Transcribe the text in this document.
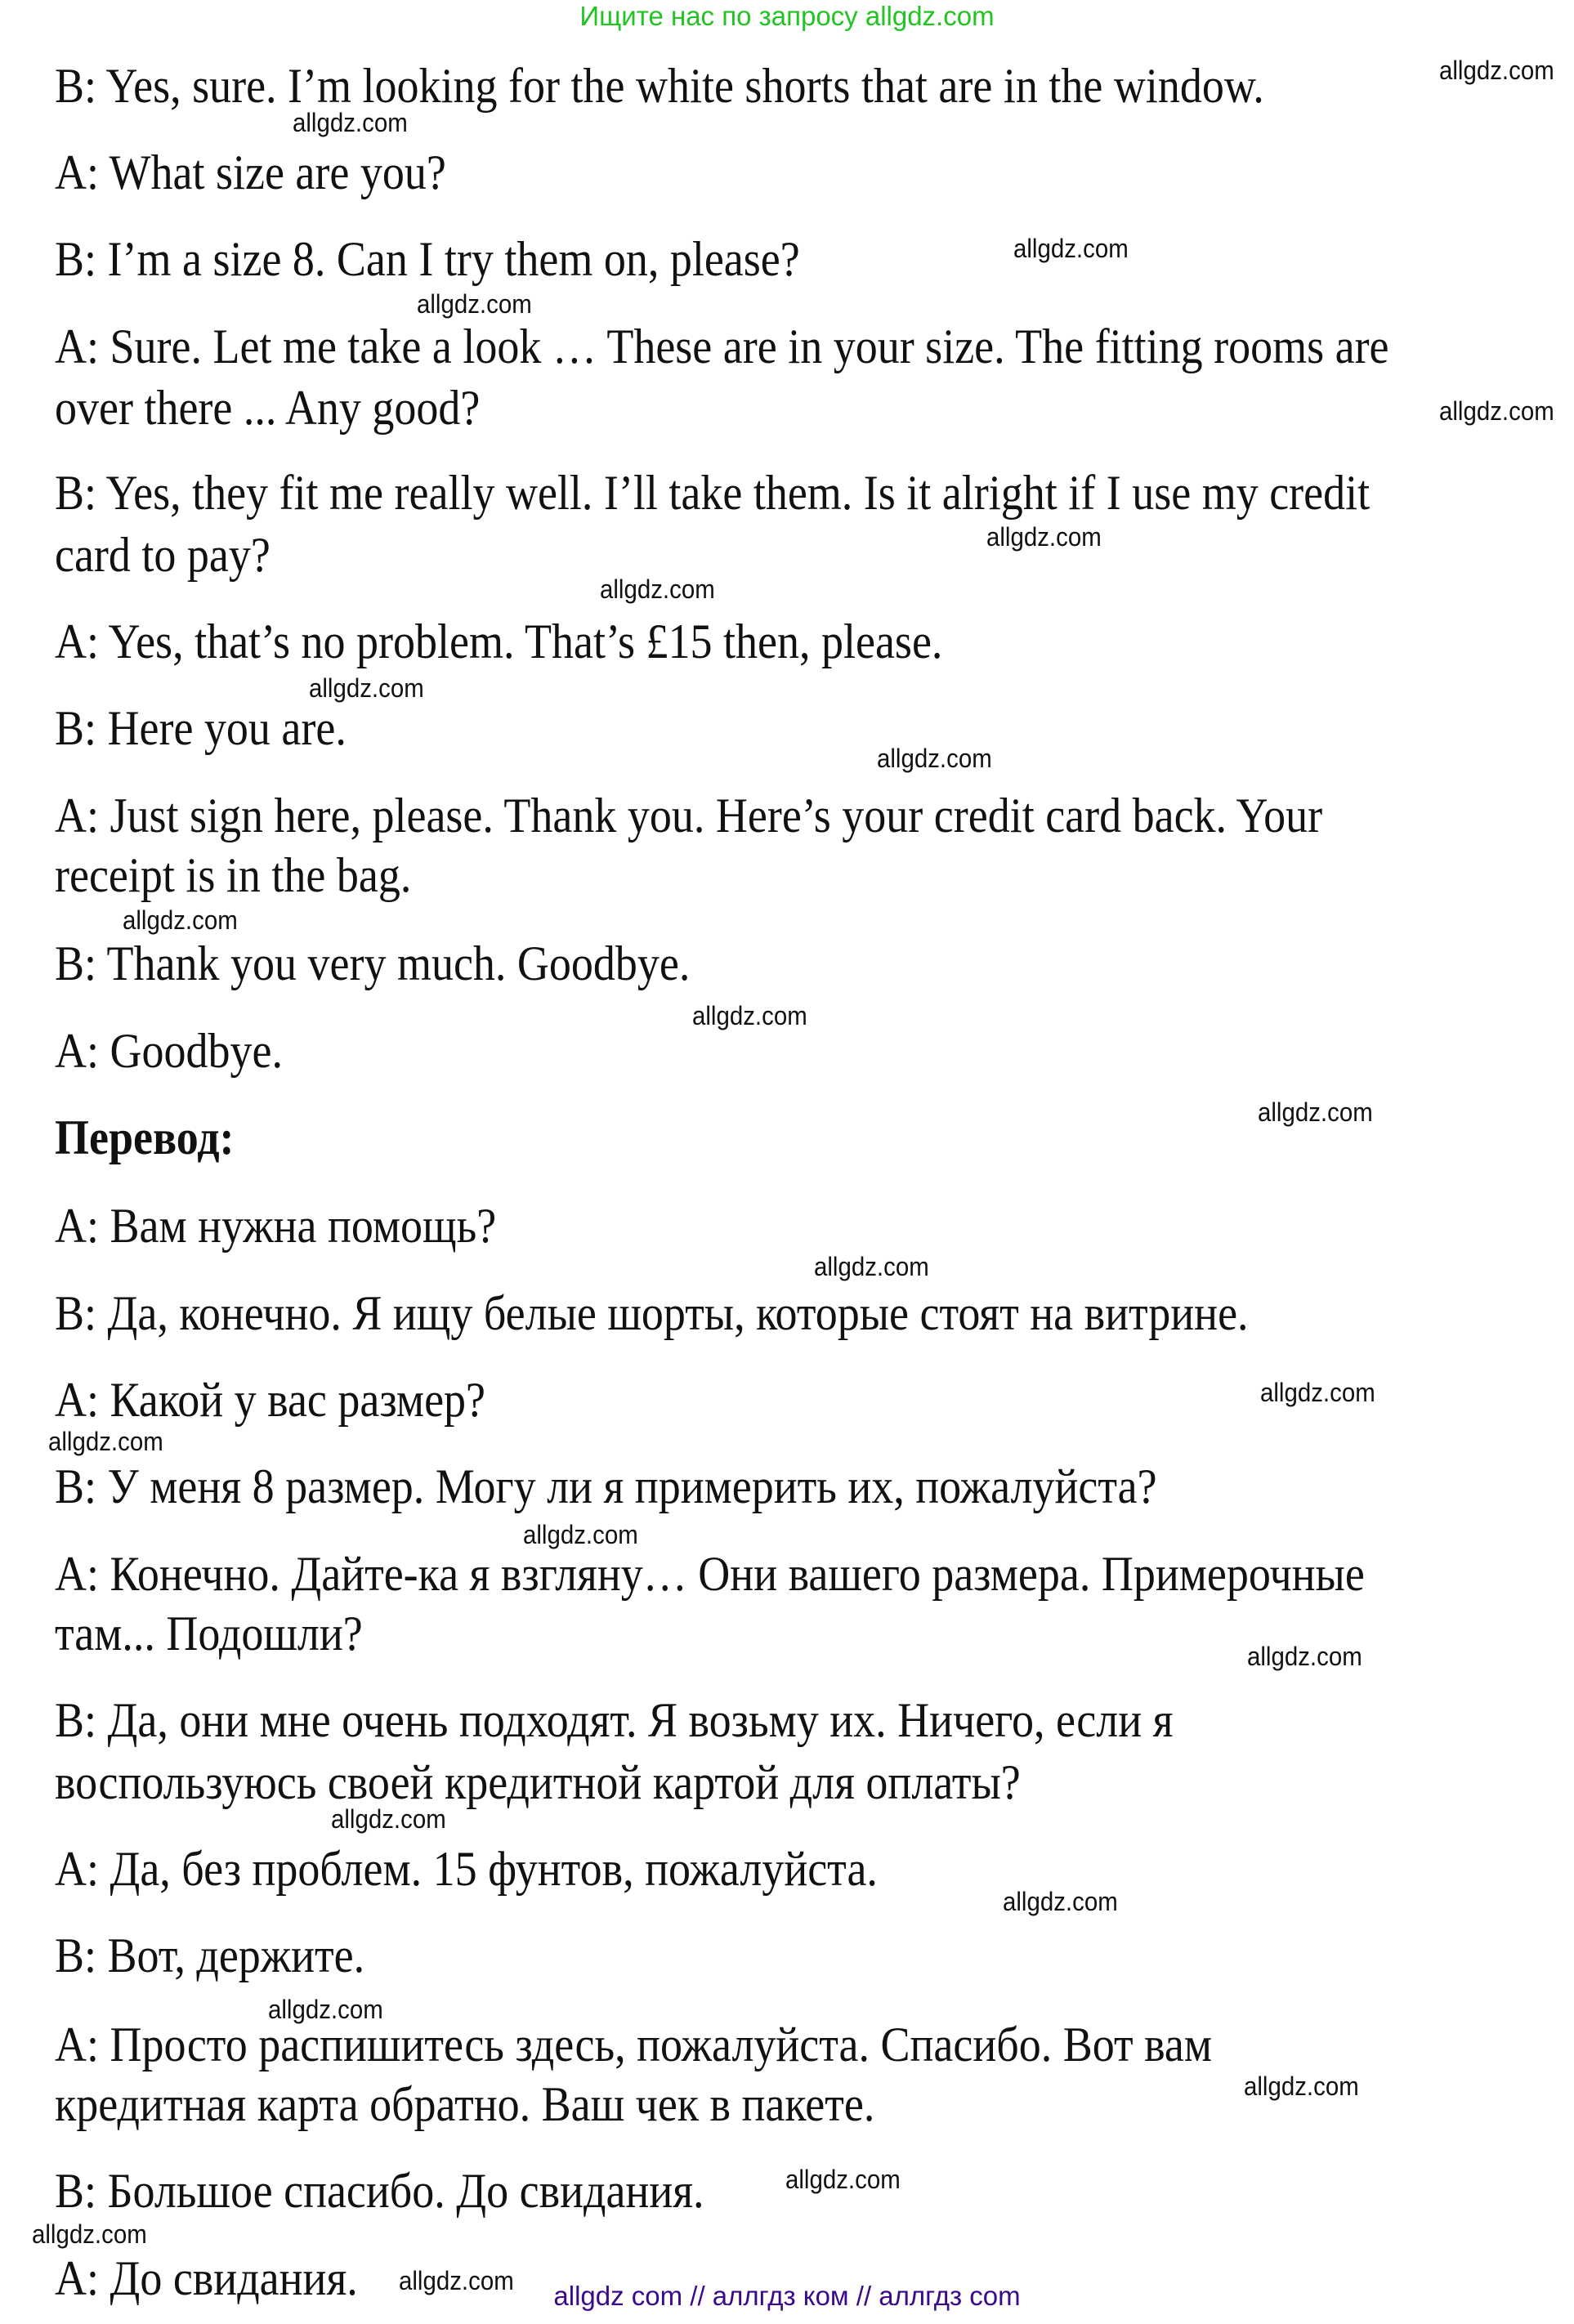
Ищите нас по запросу allgdz.com
B: Yes, sure. I’m looking for the white shorts that are in the window.
A: What size are you?
B: I’m a size 8. Can I try them on, please?
A: Sure. Let me take a look … These are in your size. The fitting rooms are
over there ... Any good?
B: Yes, they fit me really well. I’ll take them. Is it alright if I use my credit
card to pay?
A: Yes, that’s no problem. That’s £15 then, please.
B: Here you are.
A: Just sign here, please. Thank you. Here’s your credit card back. Your
receipt is in the bag.
B: Thank you very much. Goodbye.
A: Goodbye.
Перевод:
A: Вам нужна помощь?
B: Да, конечно. Я ищу белые шорты, которые стоят на витрине.
A: Какой у вас размер?
B: У меня 8 размер. Могу ли я примерить их, пожалуйста?
A: Конечно. Дайте-ка я взгляну… Они вашего размера. Примерочные
там... Подошли?
B: Да, они мне очень подходят. Я возьму их. Ничего, если я
воспользуюсь своей кредитной картой для оплаты?
A: Да, без проблем. 15 фунтов, пожалуйста.
B: Вот, держите.
A: Просто распишитесь здесь, пожалуйста. Спасибо. Вот вам
кредитная карта обратно. Ваш чек в пакете.
B: Большое спасибо. До свидания.
A: До свидания.
allgdz.com
allgdz.com
allgdz.com
allgdz.com
allgdz.com
allgdz.com
allgdz.com
allgdz.com
allgdz.com
allgdz.com
allgdz.com
allgdz.com
allgdz.com
allgdz.com
allgdz.com
allgdz.com
allgdz.com
allgdz.com
allgdz.com
allgdz.com
allgdz.com
allgdz.com
allgdz.com
allgdz.com	allgdz com // аллгдз ком // аллгдз com
